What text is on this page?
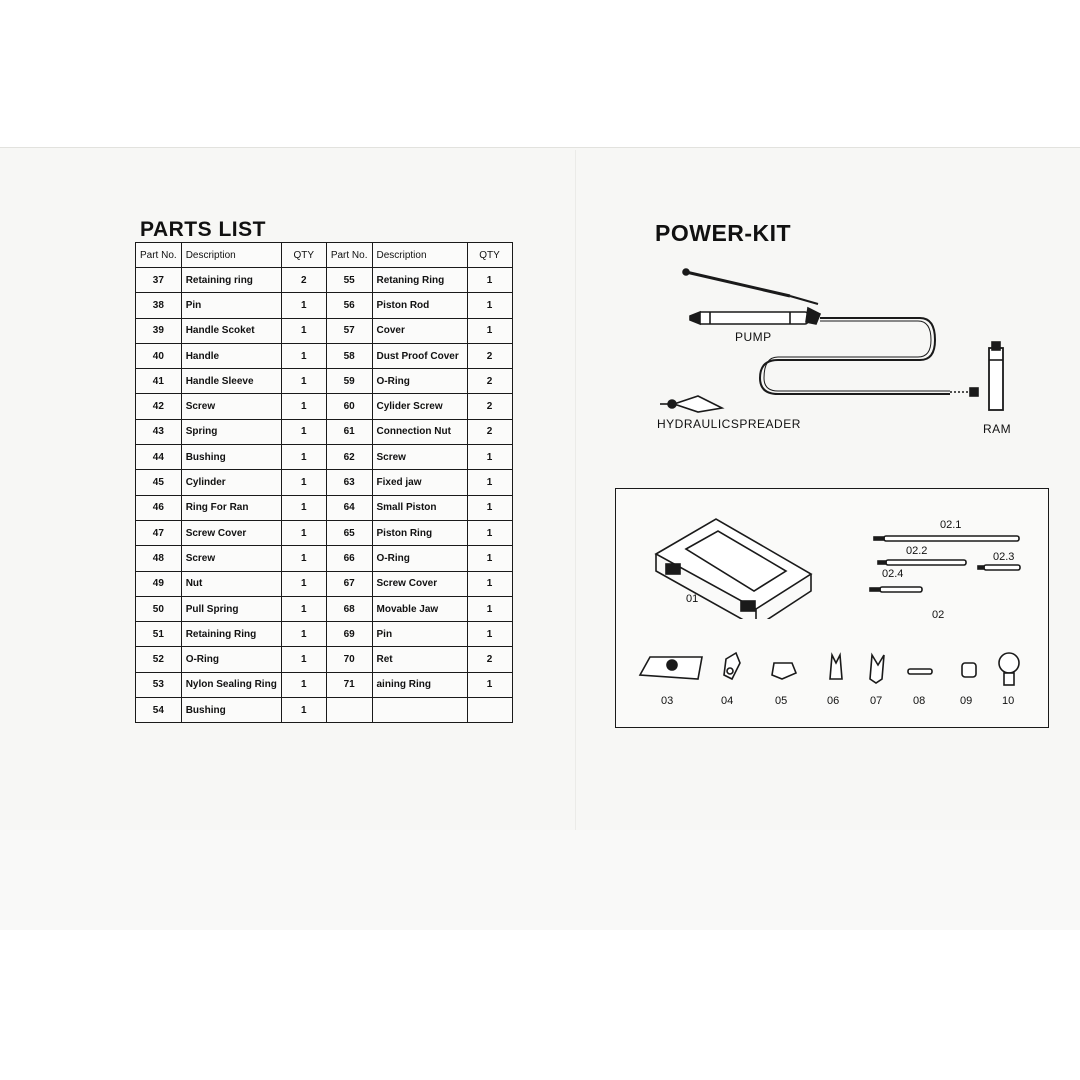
PARTS LIST	POWER-KIT
Part No.	Description	QTY	Part No.	Description	QTY
37	Retaining ring	2	55	Retaning Ring	1
38	Pin	1	56	Piston Rod	1
39	Handle Scoket	1	57	Cover	1
40	Handle	1	58	Dust Proof Cover	2
41	Handle Sleeve	1	59	O-Ring	2
42	Screw	1	60	Cylider Screw	2
43	Spring	1	61	Connection Nut	2
44	Bushing	1	62	Screw	1
45	Cylinder	1	63	Fixed jaw	1
46	Ring For Ran	1	64	Small Piston	1
47	Screw Cover	1	65	Piston Ring	1
48	Screw	1	66	O-Ring	1
49	Nut	1	67	Screw Cover	1
50	Pull Spring	1	68	Movable Jaw	1
51	Retaining Ring	1	69	Pin	1
52	O-Ring	1	70	Ret	2
53	Nylon Sealing Ring	1	71	aining Ring	1
54	Bushing	1			
PUMP
HYDRAULICSPREADER	RAM
01
02
02.1
02.2	02.3
02.4
03	04	05	06	07	08	09	10
